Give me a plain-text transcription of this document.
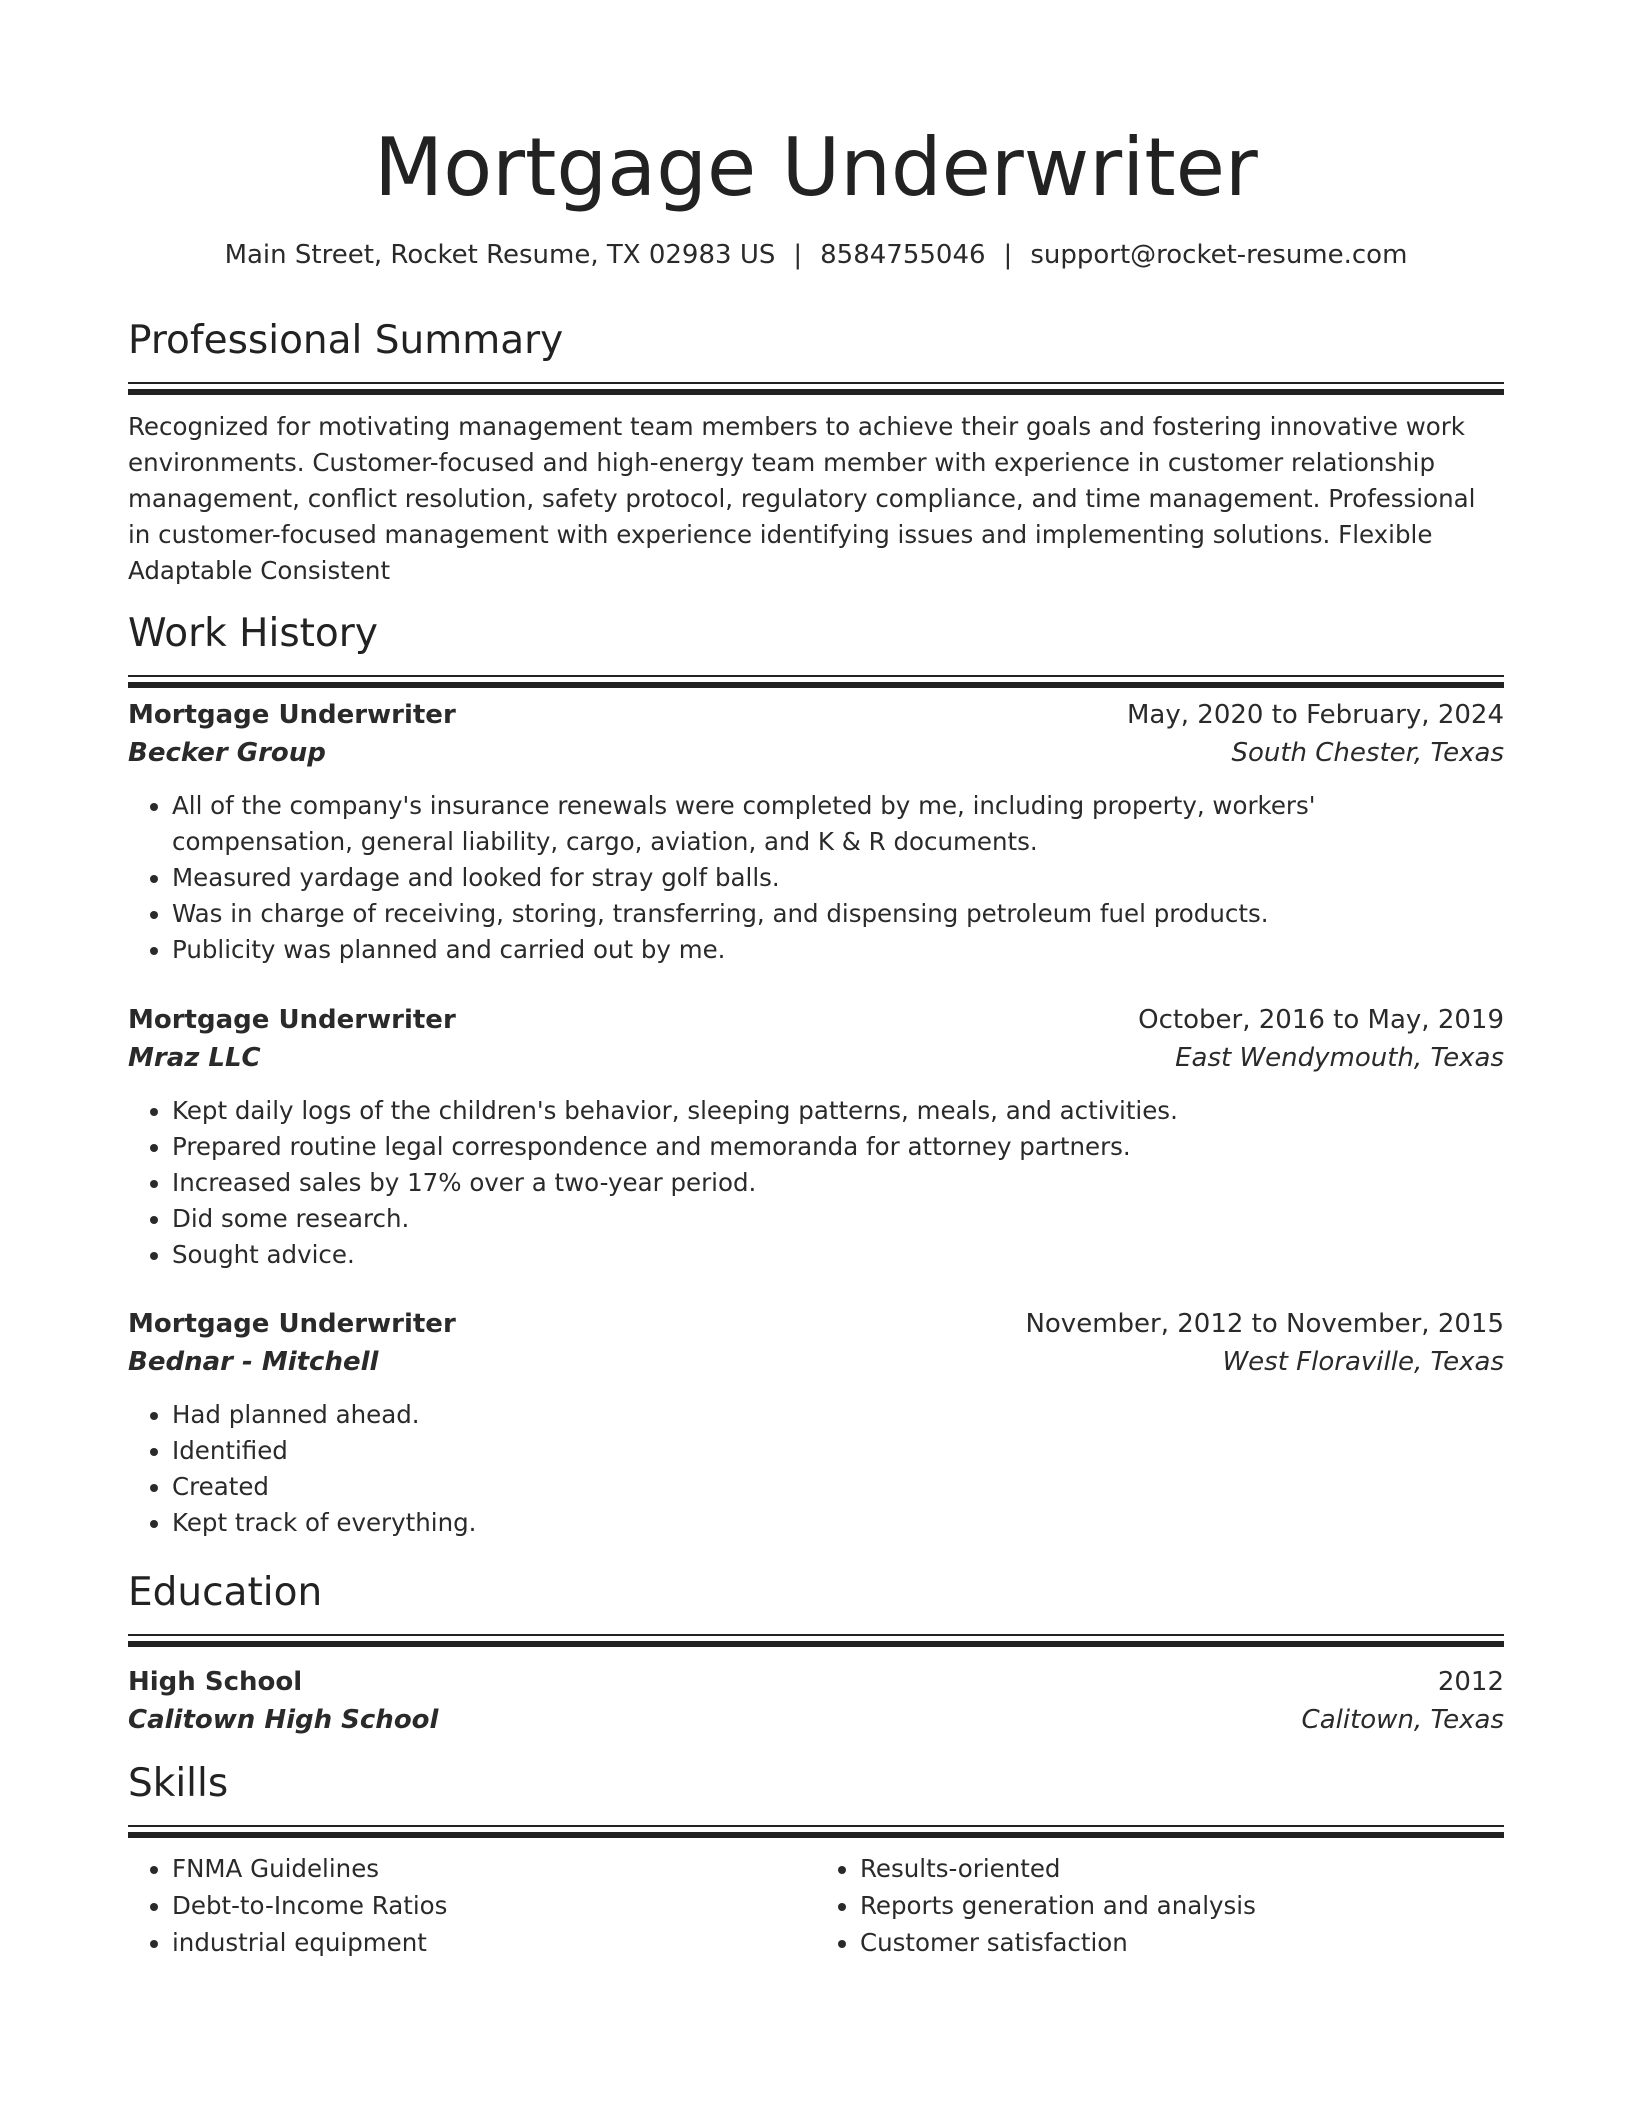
Mortgage Underwriter
Main Street, Rocket Resume, TX 02983 US | 8584755046 | support@rocket-resume.com
Professional Summary

Recognized for motivating management team members to achieve their goals and fostering innovative work environments. Customer-focused and high-energy team member with experience in customer relationship management, conflict resolution, safety protocol, regulatory compliance, and time management. Professional in customer-focused management with experience identifying issues and implementing solutions. Flexible Adaptable Consistent

Work History
Mortgage Underwriter	May, 2020 to February, 2024
Becker Group	South Chester, Texas
• All of the company's insurance renewals were completed by me, including property, workers' compensation, general liability, cargo, aviation, and K & R documents.
• Measured yardage and looked for stray golf balls.
• Was in charge of receiving, storing, transferring, and dispensing petroleum fuel products.
• Publicity was planned and carried out by me.
Mortgage Underwriter	October, 2016 to May, 2019
Mraz LLC	East Wendymouth, Texas
• Kept daily logs of the children's behavior, sleeping patterns, meals, and activities.
• Prepared routine legal correspondence and memoranda for attorney partners.
• Increased sales by 17% over a two-year period.
• Did some research.
• Sought advice.
Mortgage Underwriter	November, 2012 to November, 2015
Bednar - Mitchell	West Floraville, Texas
• Had planned ahead.
• Identified
• Created
• Kept track of everything.
Education
High School	2012
Calitown High School	Calitown, Texas
Skills
• FNMA Guidelines
• Debt-to-Income Ratios
• industrial equipment
• Results-oriented
• Reports generation and analysis
• Customer satisfaction
